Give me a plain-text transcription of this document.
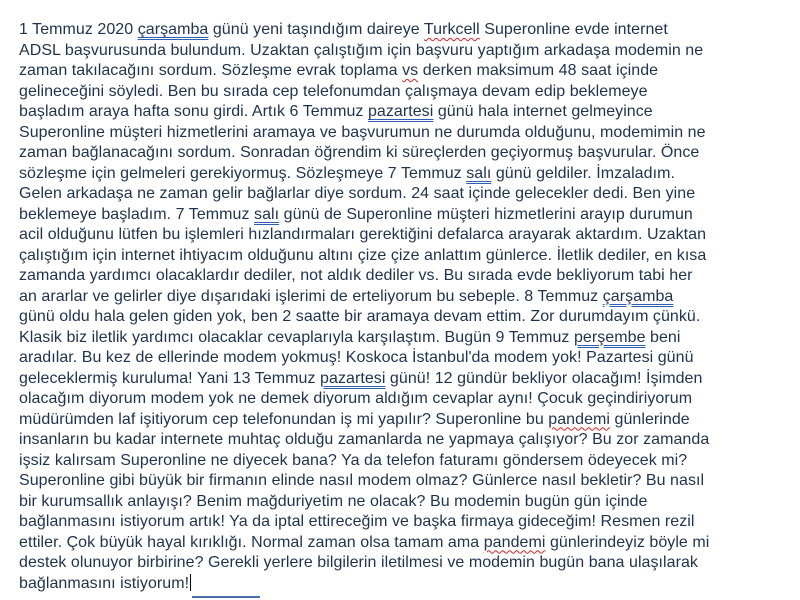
1 Temmuz 2020 çarşamba günü yeni taşındığım daireye Turkcell Superonline evde internet
ADSL başvurusunda bulundum. Uzaktan çalıştığım için başvuru yaptığım arkadaşa modemin ne
zaman takılacağını sordum. Sözleşme evrak toplama vs derken maksimum 48 saat içinde
gelineceğini söyledi. Ben bu sırada cep telefonumdan çalışmaya devam edip beklemeye
başladım araya hafta sonu girdi. Artık 6 Temmuz pazartesi günü hala internet gelmeyince
Superonline müşteri hizmetlerini aramaya ve başvurumun ne durumda olduğunu, modemimin ne
zaman bağlanacağını sordum. Sonradan öğrendim ki süreçlerden geçiyormuş başvurular. Önce
sözleşme için gelmeleri gerekiyormuş. Sözleşmeye 7 Temmuz salı günü geldiler. İmzaladım.
Gelen arkadaşa ne zaman gelir bağlarlar diye sordum. 24 saat içinde gelecekler dedi. Ben yine
beklemeye başladım. 7 Temmuz salı günü de Superonline müşteri hizmetlerini arayıp durumun
acil olduğunu lütfen bu işlemleri hızlandırmaları gerektiğini defalarca arayarak aktardım. Uzaktan
çalıştığım için internet ihtiyacım olduğunu altını çize çize anlattım günlerce. İletlik dediler, en kısa
zamanda yardımcı olacaklardır dediler, not aldık dediler vs. Bu sırada evde bekliyorum tabi her
an ararlar ve gelirler diye dışarıdaki işlerimi de erteliyorum bu sebeple. 8 Temmuz çarşamba
günü oldu hala gelen giden yok, ben 2 saatte bir aramaya devam ettim. Zor durumdayım çünkü.
Klasik biz iletlik yardımcı olacaklar cevaplarıyla karşılaştım. Bugün 9 Temmuz perşembe beni
aradılar. Bu kez de ellerinde modem yokmuş! Koskoca İstanbul'da modem yok! Pazartesi günü
geleceklermiş kurulumа! Yani 13 Temmuz pazartesi günü! 12 gündür bekliyor olacağım! İşimden
olacağım diyorum modem yok ne demek diyorum aldığım cevaplar aynı! Çocuk geçindiriyorum
müdürümden laf işitiyorum cep telefonundan iş mi yapılır? Superonline bu pandemi günlerinde
insanların bu kadar internete muhtaç olduğu zamanlarda ne yapmaya çalışıyor? Bu zor zamanda
işsiz kalırsam Superonline ne diyecek bana? Ya da telefon faturamı göndersem ödeyecek mi?
Superonline gibi büyük bir firmanın elinde nasıl modem olmaz? Günlerce nasıl bekletir? Bu nasıl
bir kurumsallık anlayışı? Benim mağduriyetim ne olacak? Bu modemin bugün gün içinde
bağlanmasını istiyorum artık! Ya da iptal ettireceğim ve başka firmaya gideceğim! Resmen rezil
ettiler. Çok büyük hayal kırıklığı. Normal zaman olsa tamam ama pandemi günlerindeyiz böyle mi
destek olunuyor birbirine? Gerekli yerlere bilgilerin iletilmesi ve modemin bugün bana ulaşılarak
bağlanmasını istiyorum!
